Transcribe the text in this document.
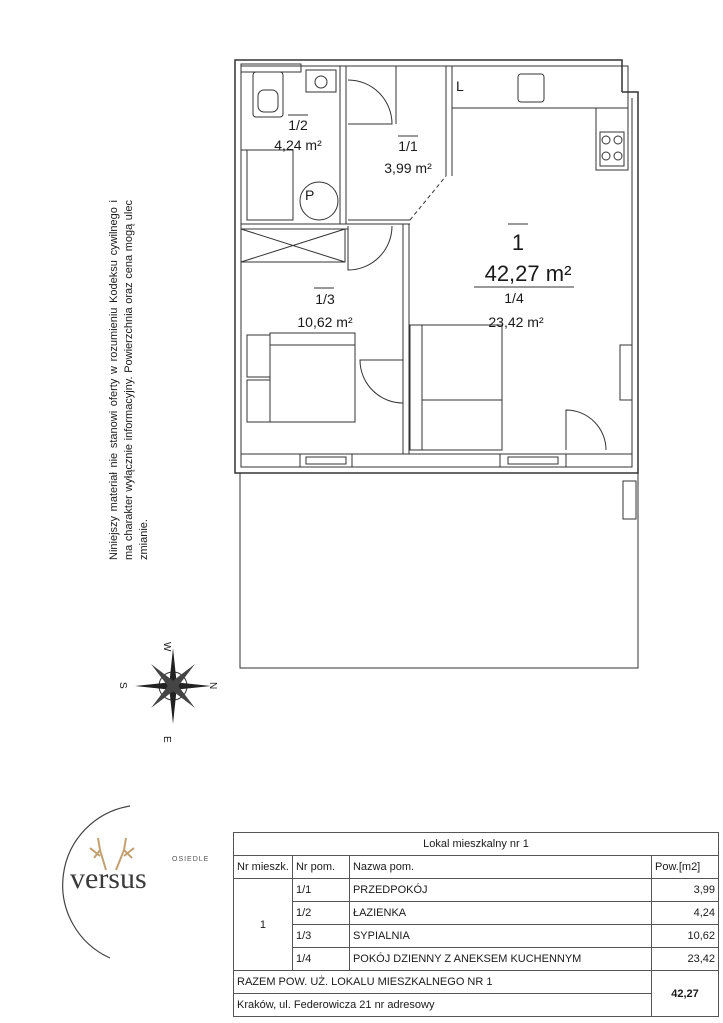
1/2
4,24 m²	1/1
3,99 m²
1/3
10,62 m²
1
42,27 m²
1/4
23,42 m²
L
P
W
E
S	N
Niniejszy materiał nie stanowi oferty w rozumieniu Kodeksu cywilnego i ma charakter wyłącznie informacyjny. Powierzchnia oraz cena mogą ulec zmianie.
OSIEDLE
versus
Lokal mieszkalny nr 1			
Nr mieszk.	Nr pom.	Nazwa pom.	Pow.[m2]
1	1/1	PRZEDPOKÓJ	3,99
	1/2	ŁAZIENKA	4,24
	1/3	SYPIALNIA	10,62
	1/4	POKÓJ DZIENNY Z ANEKSEM KUCHENNYM	23,42
RAZEM POW. UŻ. LOKALU MIESZKALNEGO NR 1			42,27
Kraków, ul. Federowicza 21 nr adresowy			
